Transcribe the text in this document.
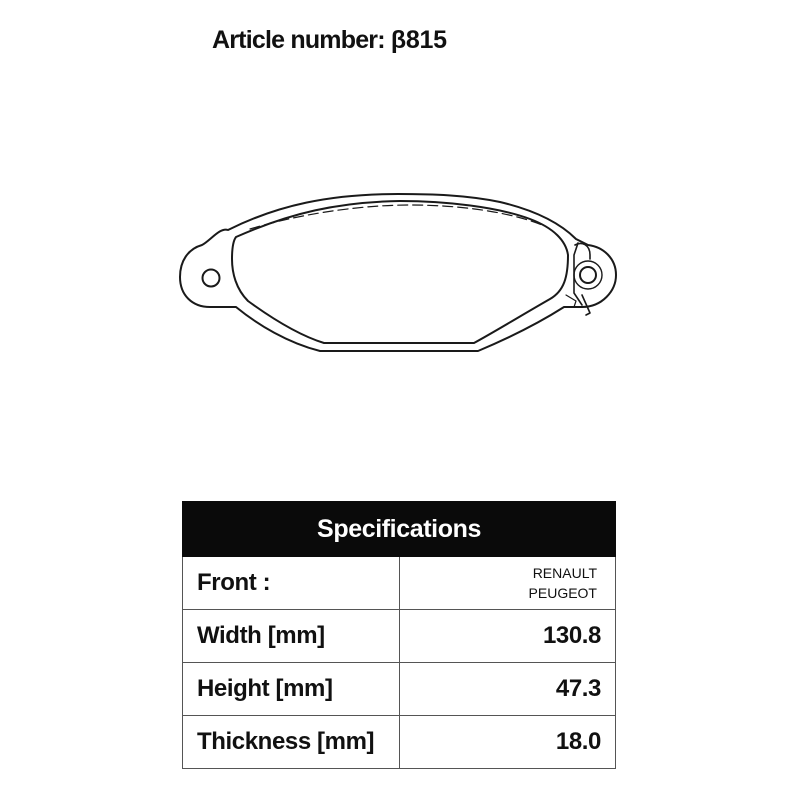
Article number: β815
Specifications	
Front :	RENAULT
PEUGEOT

Width [mm]	130.8
Height [mm]	47.3
Thickness [mm]	18.0
